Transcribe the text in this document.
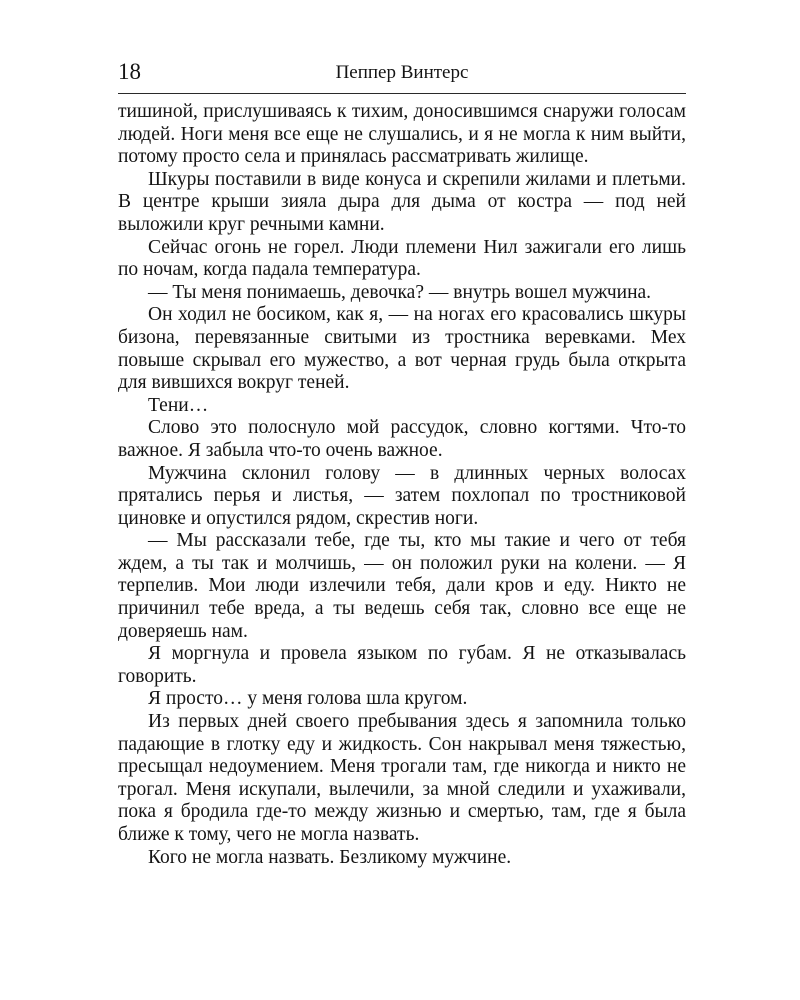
18	Пеппер Винтерс

тишиной, прислушиваясь к тихим, доносившимся снаружи голосам людей. Ноги меня все еще не слушались, и я не могла к ним выйти, потому просто села и принялась рассматривать жилище.

Шкуры поставили в виде конуса и скрепили жилами и плетьми. В центре крыши зияла дыра для дыма от костра — под ней выложили круг речными камни.

Сейчас огонь не горел. Люди племени Нил зажигали его лишь по ночам, когда падала температура.

— Ты меня понимаешь, девочка? — внутрь вошел мужчина.

Он ходил не босиком, как я, — на ногах его красовались шкуры бизона, перевязанные свитыми из тростника веревками. Мех повыше скрывал его мужество, а вот черная грудь была открыта для вившихся вокруг теней.

Тени…

Слово это полоснуло мой рассудок, словно когтями. Что-то важное. Я забыла что-то очень важное.

Мужчина склонил голову — в длинных черных волосах прятались перья и листья, — затем похлопал по тростниковой циновке и опустился рядом, скрестив ноги.

— Мы рассказали тебе, где ты, кто мы такие и чего от тебя ждем, а ты так и молчишь, — он положил руки на колени. — Я терпелив. Мои люди излечили тебя, дали кров и еду. Никто не причинил тебе вреда, а ты ведешь себя так, словно все еще не доверяешь нам.

Я моргнула и провела языком по губам. Я не отказывалась говорить.

Я просто… у меня голова шла кругом.

Из первых дней своего пребывания здесь я запомнила только падающие в глотку еду и жидкость. Сон накрывал меня тяжестью, пресыщал недоумением. Меня трогали там, где никогда и никто не трогал. Меня искупали, вылечили, за мной следили и ухаживали, пока я бродила где-то между жизнью и смертью, там, где я была ближе к тому, чего не могла назвать.

Кого не могла назвать. Безликому мужчине.
